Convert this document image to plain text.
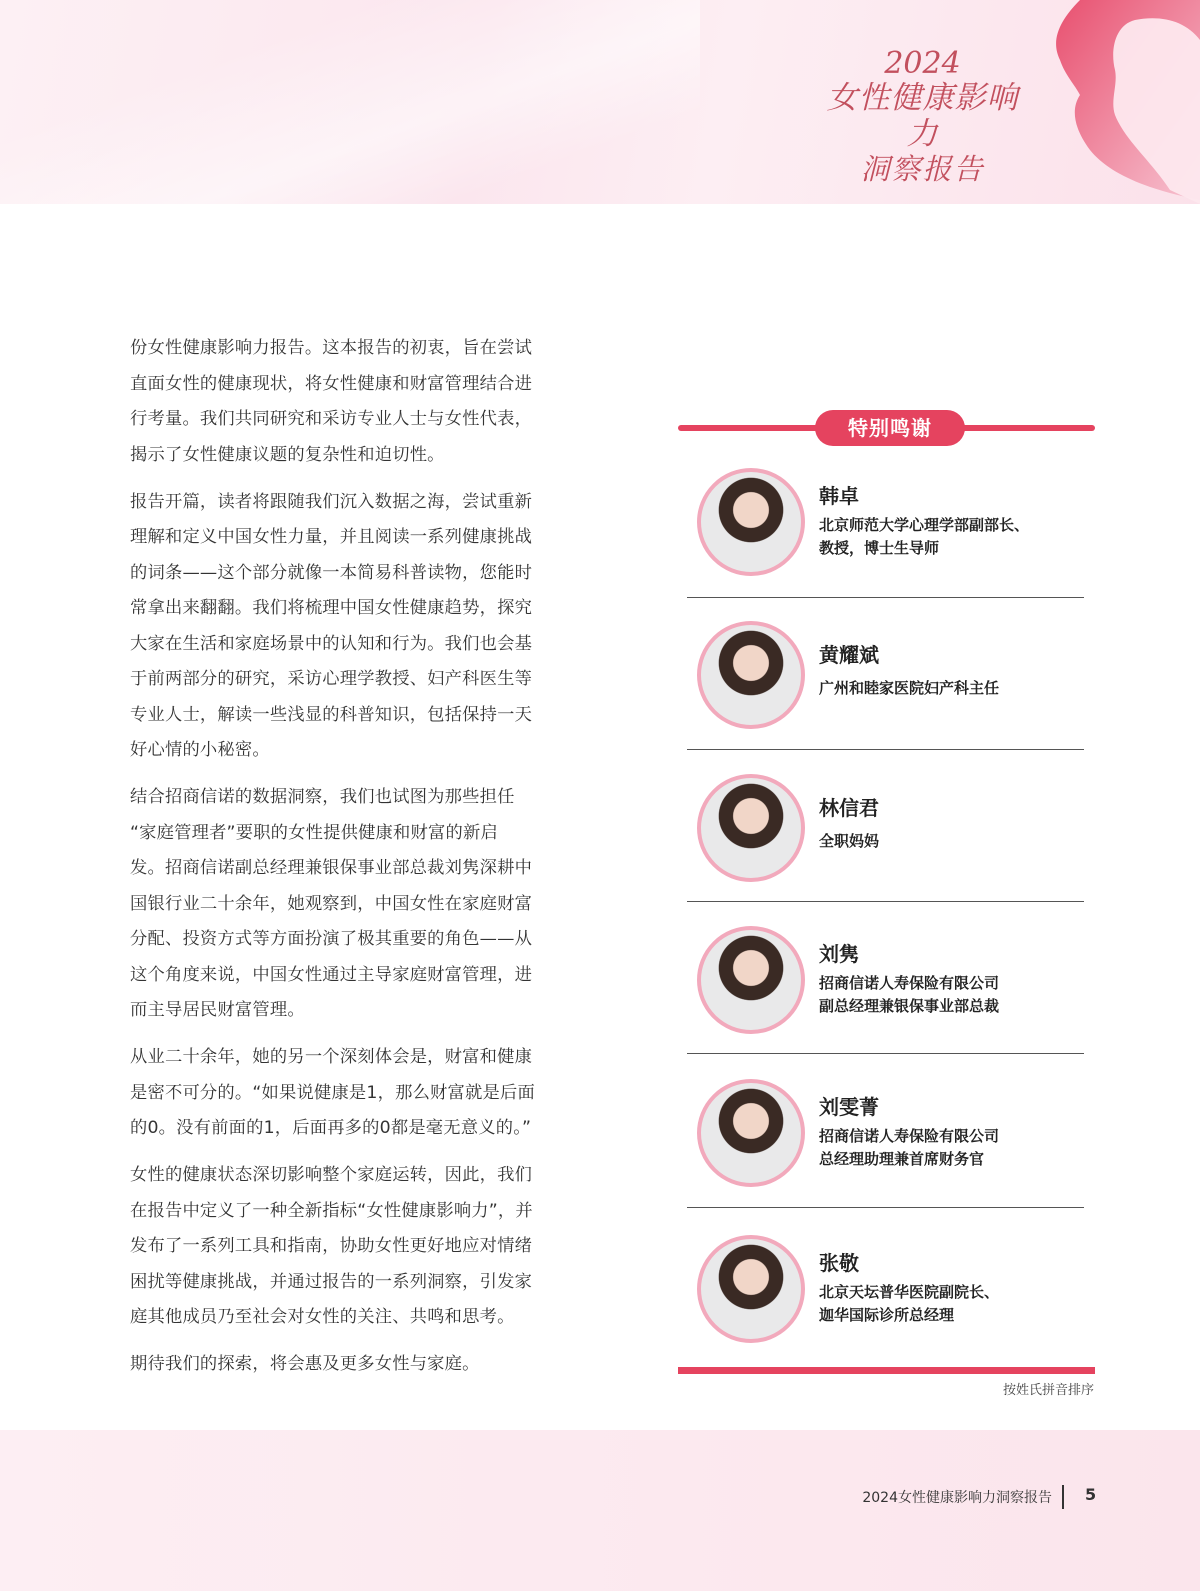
2024
女性健康影响力
洞察报告

份女性健康影响力报告。这本报告的初衷，旨在尝试
直面女性的健康现状，将女性健康和财富管理结合进
行考量。我们共同研究和采访专业人士与女性代表，
揭示了女性健康议题的复杂性和迫切性。

报告开篇，读者将跟随我们沉入数据之海，尝试重新
理解和定义中国女性力量，并且阅读一系列健康挑战
的词条——这个部分就像一本简易科普读物，您能时
常拿出来翻翻。我们将梳理中国女性健康趋势，探究
大家在生活和家庭场景中的认知和行为。我们也会基
于前两部分的研究，采访心理学教授、妇产科医生等
专业人士，解读一些浅显的科普知识，包括保持一天
好心情的小秘密。

结合招商信诺的数据洞察，我们也试图为那些担任
“家庭管理者”要职的女性提供健康和财富的新启
发。招商信诺副总经理兼银保事业部总裁刘隽深耕中
国银行业二十余年，她观察到，中国女性在家庭财富
分配、投资方式等方面扮演了极其重要的角色——从
这个角度来说，中国女性通过主导家庭财富管理，进
而主导居民财富管理。

从业二十余年，她的另一个深刻体会是，财富和健康
是密不可分的。“如果说健康是1，那么财富就是后面
的0。没有前面的1，后面再多的0都是毫无意义的。”

女性的健康状态深切影响整个家庭运转，因此，我们
在报告中定义了一种全新指标“女性健康影响力”，并
发布了一系列工具和指南，协助女性更好地应对情绪
困扰等健康挑战，并通过报告的一系列洞察，引发家
庭其他成员乃至社会对女性的关注、共鸣和思考。

期待我们的探索，将会惠及更多女性与家庭。

特别鸣谢
韩卓
北京师范大学心理学部副部长、
教授，博士生导师
黄耀斌
广州和睦家医院妇产科主任
林信君
全职妈妈
刘隽
招商信诺人寿保险有限公司
副总经理兼银保事业部总裁
刘雯菁
招商信诺人寿保险有限公司
总经理助理兼首席财务官
张敬
北京天坛普华医院副院长、
迦华国际诊所总经理
按姓氏拼音排序
2024女性健康影响力洞察报告 5
